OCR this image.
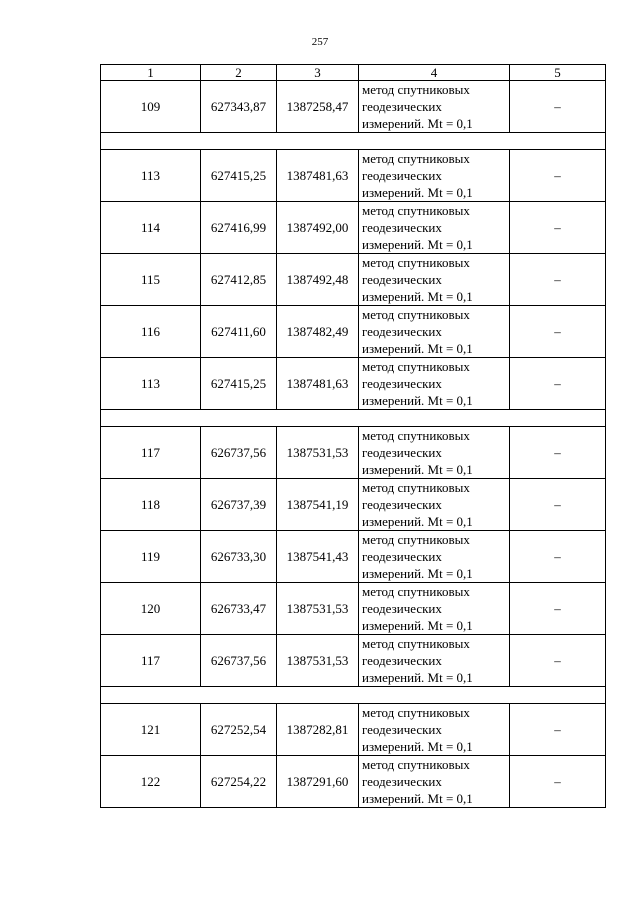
257
1	2	3	4	5
109	627343,87	1387258,47	метод спутниковых
геодезических
измерений. Mt = 0,1	–

113	627415,25	1387481,63	метод спутниковых
геодезических
измерений. Mt = 0,1	–
114	627416,99	1387492,00	метод спутниковых
геодезических
измерений. Mt = 0,1	–
115	627412,85	1387492,48	метод спутниковых
геодезических
измерений. Mt = 0,1	–
116	627411,60	1387482,49	метод спутниковых
геодезических
измерений. Mt = 0,1	–
113	627415,25	1387481,63	метод спутниковых
геодезических
измерений. Mt = 0,1	–

117	626737,56	1387531,53	метод спутниковых
геодезических
измерений. Mt = 0,1	–
118	626737,39	1387541,19	метод спутниковых
геодезических
измерений. Mt = 0,1	–
119	626733,30	1387541,43	метод спутниковых
геодезических
измерений. Mt = 0,1	–
120	626733,47	1387531,53	метод спутниковых
геодезических
измерений. Mt = 0,1	–
117	626737,56	1387531,53	метод спутниковых
геодезических
измерений. Mt = 0,1	–

121	627252,54	1387282,81	метод спутниковых
геодезических
измерений. Mt = 0,1	–
122	627254,22	1387291,60	метод спутниковых
геодезических
измерений. Mt = 0,1	–
